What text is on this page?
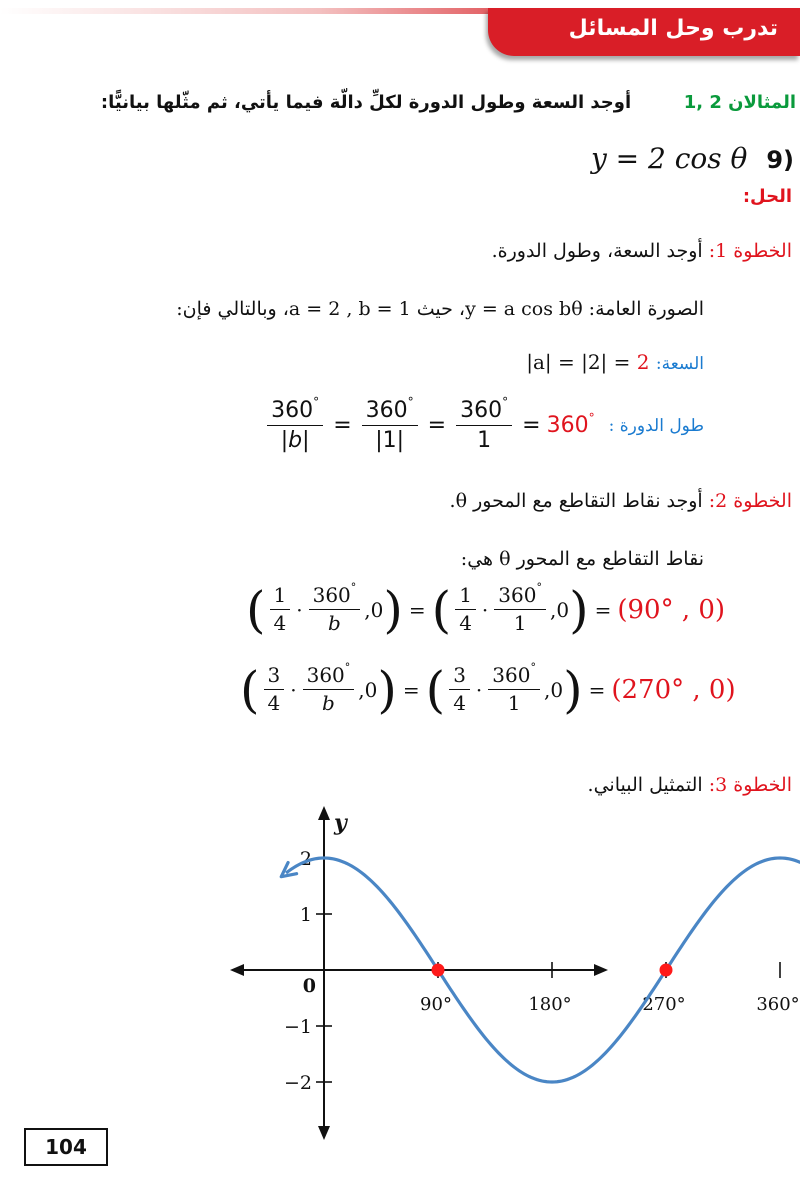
تدرب وحل المسائل
المثالان 2 ,1  أوجد السعة وطول الدورة لكلِّ دالّة فيما يأتي، ثم مثّلها بيانيًّا:
y = 2 cos θ 9)
الحل:
الخطوة 1: أوجد السعة، وطول الدورة.
الصورة العامة: y = a cos bθ، حيث a = 2 , b = 1، وبالتالي فإن:
السعة: 2 |a| = |2| =
طول الدورة :
$\frac{360^\circ}{|b|} = \frac{360^\circ}{|1|} = \frac{360^\circ}{1} = 360^\circ$
الخطوة 2: أوجد نقاط التقاطع مع المحور θ.
نقاط التقاطع مع المحور θ هي:
( $\frac{1}{4} \cdot \frac{360^\circ}{b}$ , 0 ) = ( $\frac{1}{4} \cdot \frac{360^\circ}{1}$ , 0 ) = (90° , 0)
( $\frac{3}{4} \cdot \frac{360^\circ}{b}$ , 0 ) = ( $\frac{3}{4} \cdot \frac{360^\circ}{1}$ , 0 ) = (270° , 0)
الخطوة 3: التمثيل البياني.
90°	180°	270°	360°
2
1
0
−1
−2
y
104
